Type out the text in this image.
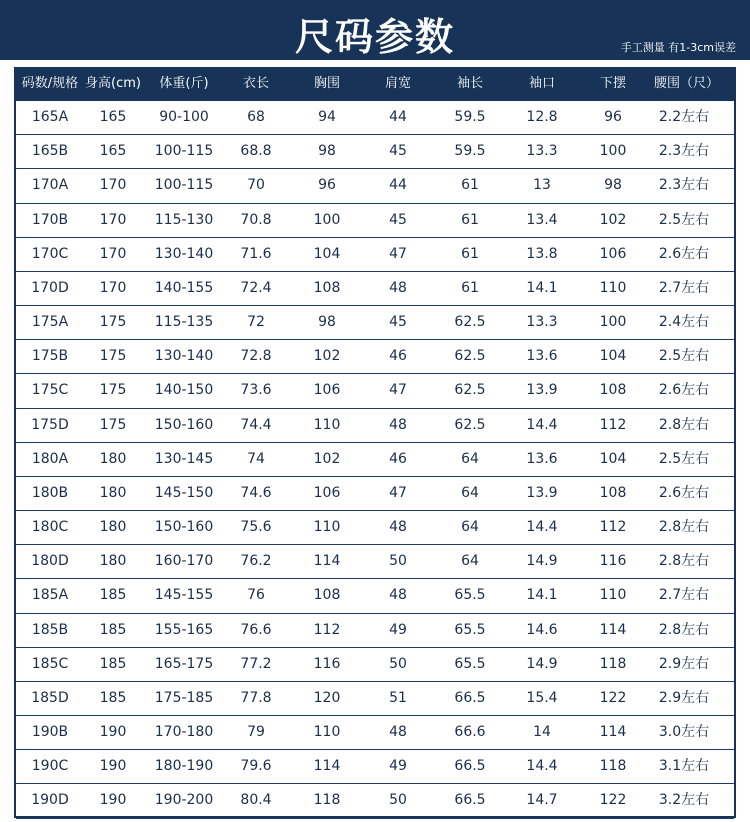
尺码参数	手工测量 有1-3cm误差
码数/规格 身高(cm)	体重(斤)	衣长	胸围	肩宽	袖长	袖口	下摆	腰围（尺）
165A	165	90-100	68	94	44	59.5	12.8	96	2.2左右
165B	165	100-115	68.8	98	45	59.5	13.3	100	2.3左右
170A	170	100-115	70	96	44	61	13	98	2.3左右
170B	170	115-130	70.8	100	45	61	13.4	102	2.5左右
170C	170	130-140	71.6	104	47	61	13.8	106	2.6左右
170D	170	140-155	72.4	108	48	61	14.1	110	2.7左右
175A	175	115-135	72	98	45	62.5	13.3	100	2.4左右
175B	175	130-140	72.8	102	46	62.5	13.6	104	2.5左右
175C	175	140-150	73.6	106	47	62.5	13.9	108	2.6左右
175D	175	150-160	74.4	110	48	62.5	14.4	112	2.8左右
180A	180	130-145	74	102	46	64	13.6	104	2.5左右
180B	180	145-150	74.6	106	47	64	13.9	108	2.6左右
180C	180	150-160	75.6	110	48	64	14.4	112	2.8左右
180D	180	160-170	76.2	114	50	64	14.9	116	2.8左右
185A	185	145-155	76	108	48	65.5	14.1	110	2.7左右
185B	185	155-165	76.6	112	49	65.5	14.6	114	2.8左右
185C	185	165-175	77.2	116	50	65.5	14.9	118	2.9左右
185D	185	175-185	77.8	120	51	66.5	15.4	122	2.9左右
190B	190	170-180	79	110	48	66.6	14	114	3.0左右
190C	190	180-190	79.6	114	49	66.5	14.4	118	3.1左右
190D	190	190-200	80.4	118	50	66.5	14.7	122	3.2左右
